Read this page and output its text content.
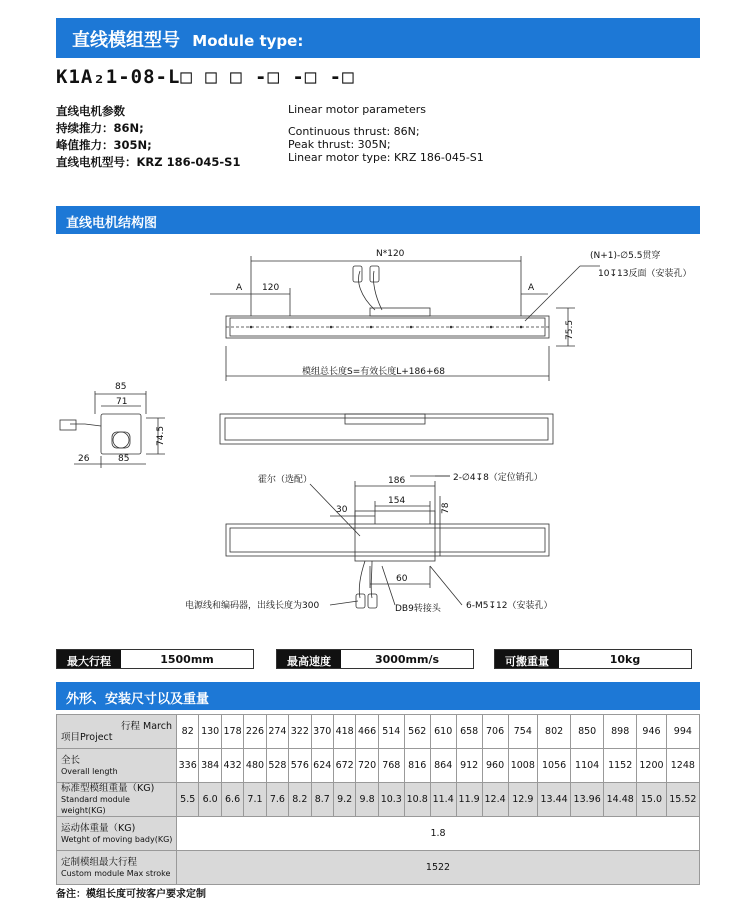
直线模组型号 Module type:
K1A₂1-08-L□ □ □ -□ -□ -□
直线电机参数
持续推力：86N;
峰值推力：305N;
直线电机型号：KRZ 186-045-S1
Linear motor parameters
Continuous thrust: 86N;
Peak thrust: 305N;
Linear motor type: KRZ 186-045-S1
直线电机结构图
N*120
A	A
120
(N+1)-∅5.5贯穿
10↧13反面（安装孔）
75.5
模组总长度S=有效长度L+186+68
85
71
74.5
26	85
霍尔（选配）	186	2-∅4↧8（定位销孔）
154
30	78
60
电源线和编码器，出线长度为300	DB9转接头	6-M5↧12（安装孔）
最大行程	1500mm	最高速度	3000mm/s	可搬重量	10kg
外形、安装尺寸以及重量
行程 March
项目Project	82	130	178	226	274	322	370	418	466	514	562	610	658	706	754	802	850	898	946	994
全长
Overall length	336	384	432	480	528	576	624	672	720	768	816	864	912	960	1008	1056	1104	1152	1200	1248
标准型模组重量（KG)
Standard module weight(KG)	5.5	6.0	6.6	7.1	7.6	8.2	8.7	9.2	9.8	10.3	10.8	11.4	11.9	12.4	12.9	13.44	13.96	14.48	15.0	15.52
运动体重量（KG)
Wetght of moving bady(KG)	1.8																			
定制模组最大行程
Custom module Max stroke	1522																			
备注：模组长度可按客户要求定制
